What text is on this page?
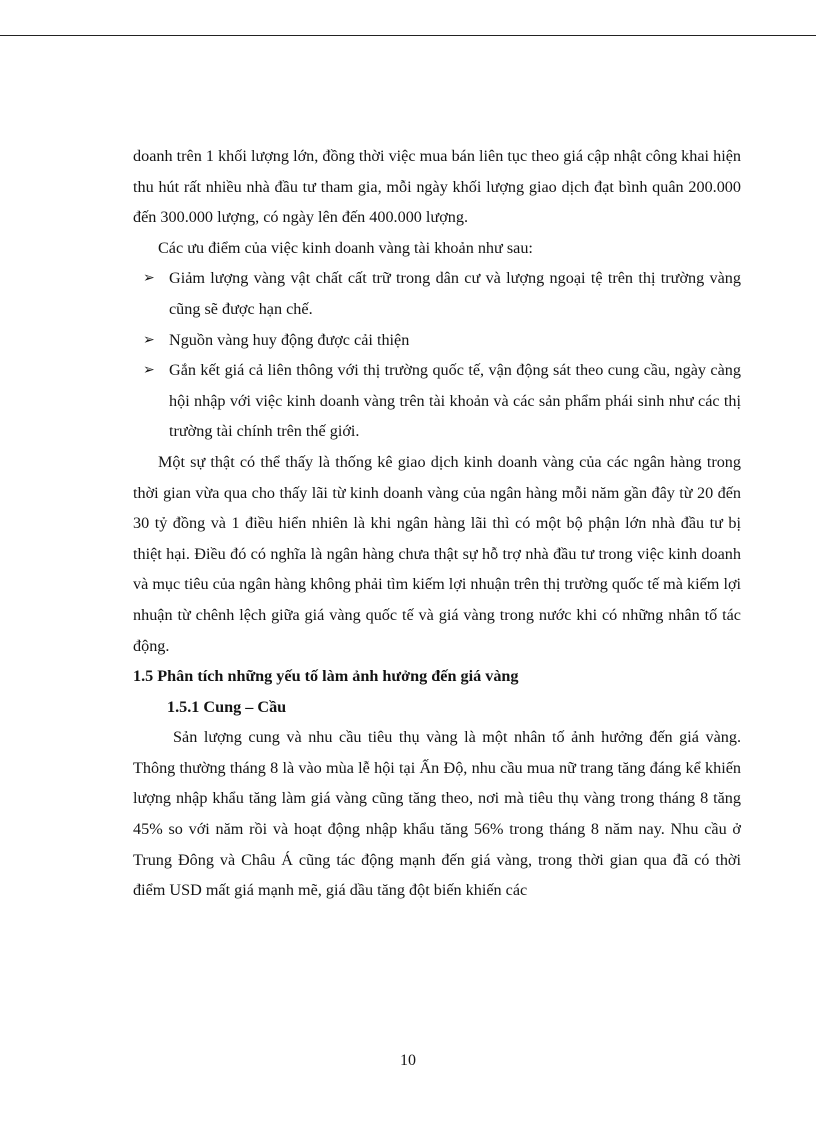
doanh trên 1 khối lượng lớn, đồng thời việc mua bán liên tục theo giá cập nhật công khai hiện thu hút rất nhiều nhà đầu tư tham gia, mỗi ngày khối lượng giao dịch đạt bình quân 200.000 đến 300.000 lượng, có ngày lên đến 400.000 lượng.

Các ưu điểm của việc kinh doanh vàng tài khoản như sau:

➢ Giảm lượng vàng vật chất cất trữ trong dân cư và lượng ngoại tệ trên thị trường vàng cũng sẽ được hạn chế.
➢ Nguồn vàng huy động được cải thiện
➢ Gắn kết giá cả liên thông với thị trường quốc tế, vận động sát theo cung cầu, ngày càng hội nhập với việc kinh doanh vàng trên tài khoản và các sản phẩm phái sinh như các thị trường tài chính trên thế giới.

Một sự thật có thể thấy là thống kê giao dịch kinh doanh vàng của các ngân hàng trong thời gian vừa qua cho thấy lãi từ kinh doanh vàng của ngân hàng mỗi năm gần đây từ 20 đến 30 tỷ đồng và 1 điều hiển nhiên là khi ngân hàng lãi thì có một bộ phận lớn nhà đầu tư bị thiệt hại. Điều đó có nghĩa là ngân hàng chưa thật sự hỗ trợ nhà đầu tư trong việc kinh doanh và mục tiêu của ngân hàng không phải tìm kiếm lợi nhuận trên thị trường quốc tế mà kiếm lợi nhuận từ chênh lệch giữa giá vàng quốc tế và giá vàng trong nước khi có những nhân tố tác động.

1.5 Phân tích những yếu tố làm ảnh hưởng đến giá vàng

1.5.1 Cung – Cầu

Sản lượng cung và nhu cầu tiêu thụ vàng là một nhân tố ảnh hưởng đến giá vàng. Thông thường tháng 8 là vào mùa lễ hội tại Ấn Độ, nhu cầu mua nữ trang tăng đáng kể khiến lượng nhập khẩu tăng làm giá vàng cũng tăng theo, nơi mà tiêu thụ vàng trong tháng 8 tăng 45% so với năm rồi và hoạt động nhập khẩu tăng 56% trong tháng 8 năm nay. Nhu cầu ở Trung Đông và Châu Á cũng tác động mạnh đến giá vàng, trong thời gian qua đã có thời điểm USD mất giá mạnh mẽ, giá dầu tăng đột biến khiến các

10
